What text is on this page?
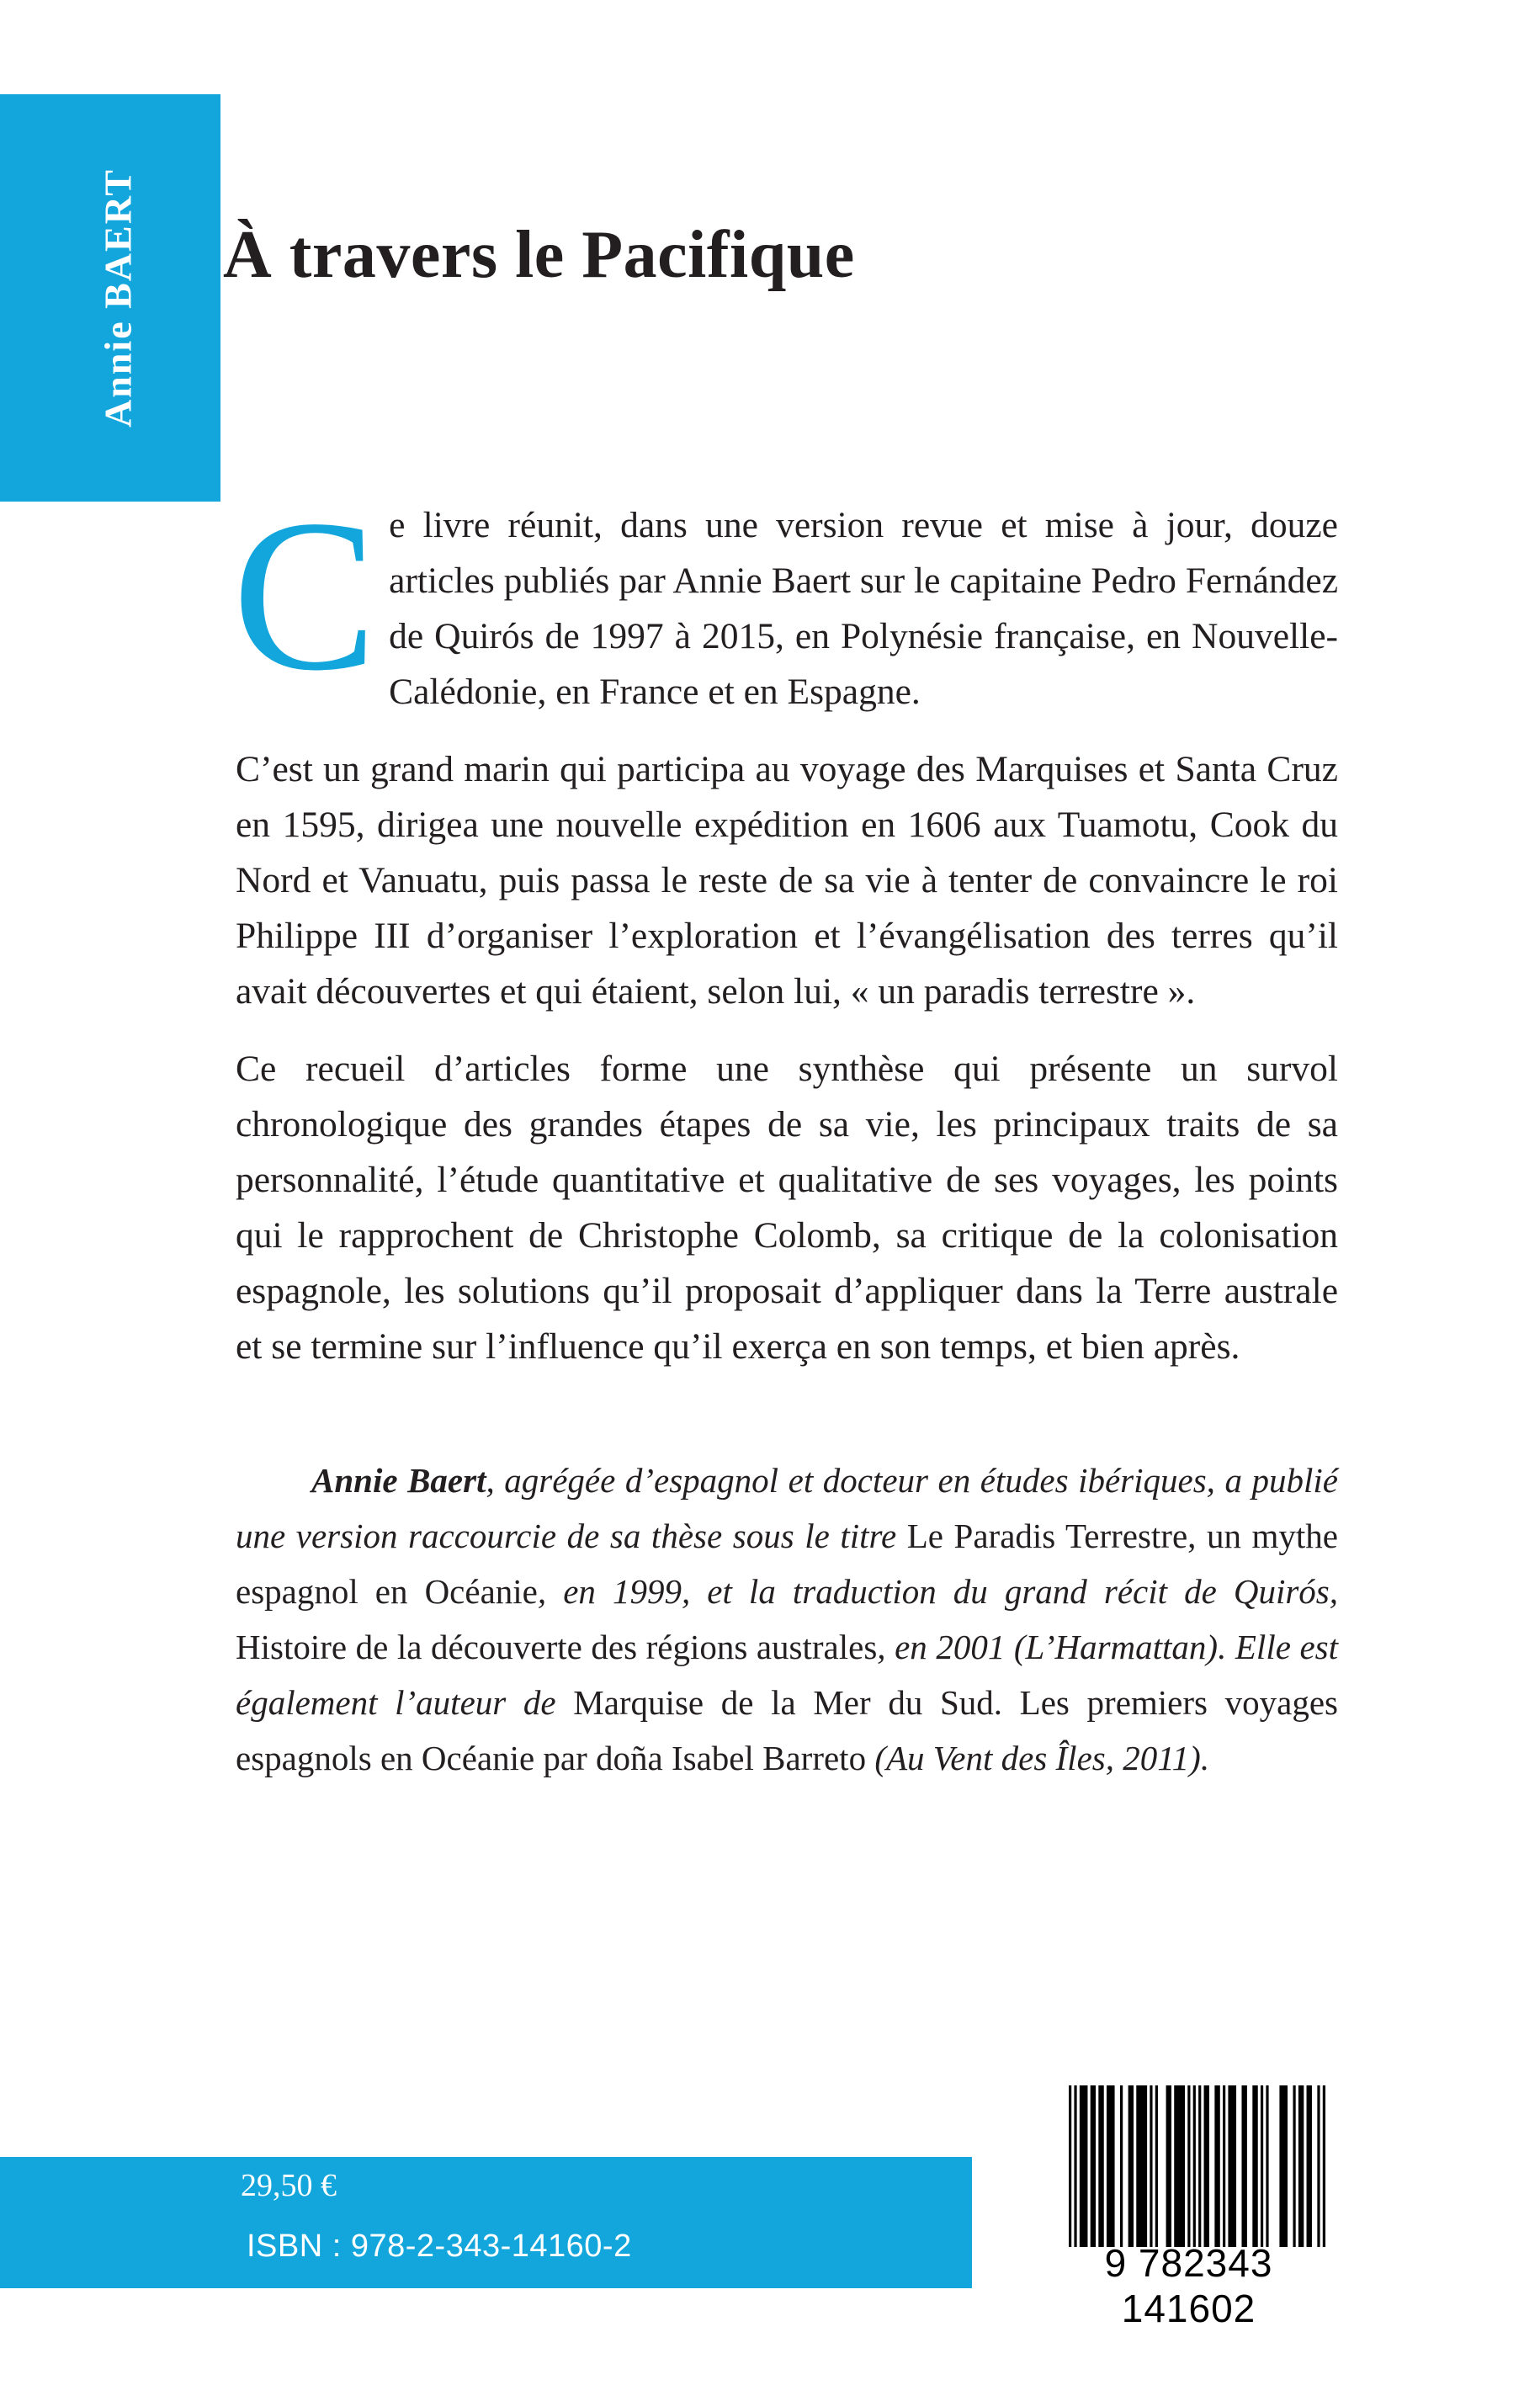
Annie BAERT À travers le Pacifique

Ce livre réunit, dans une version revue et mise à jour, douze articles publiés par Annie Baert sur le capitaine Pedro Fernández de Quirós de 1997 à 2015, en Polynésie française, en Nouvelle-Calédonie, en France et en Espagne.

C’est un grand marin qui participa au voyage des Marquises et Santa Cruz en 1595, dirigea une nouvelle expédition en 1606 aux Tuamotu, Cook du Nord et Vanuatu, puis passa le reste de sa vie à tenter de convaincre le roi Philippe III d’organiser l’exploration et l’évangélisation des terres qu’il avait découvertes et qui étaient, selon lui, « un paradis terrestre ».

Ce recueil d’articles forme une synthèse qui présente un survol chronologique des grandes étapes de sa vie, les principaux traits de sa personnalité, l’étude quantitative et qualitative de ses voyages, les points qui le rapprochent de Christophe Colomb, sa critique de la colonisation espagnole, les solutions qu’il proposait d’appliquer dans la Terre australe et se termine sur l’influence qu’il exerça en son temps, et bien après.

Annie Baert, agrégée d’espagnol et docteur en études ibériques, a publié une version raccourcie de sa thèse sous le titre Le Paradis Terrestre, un mythe espagnol en Océanie, en 1999, et la traduction du grand récit de Quirós, Histoire de la découverte des régions australes, en 2001 (L’Harmattan). Elle est également l’auteur de Marquise de la Mer du Sud. Les premiers voyages espagnols en Océanie par doña Isabel Barreto (Au Vent des Îles, 2011).
29,50 €
ISBN : 978-2-343-14160-2	9 782343 141602
